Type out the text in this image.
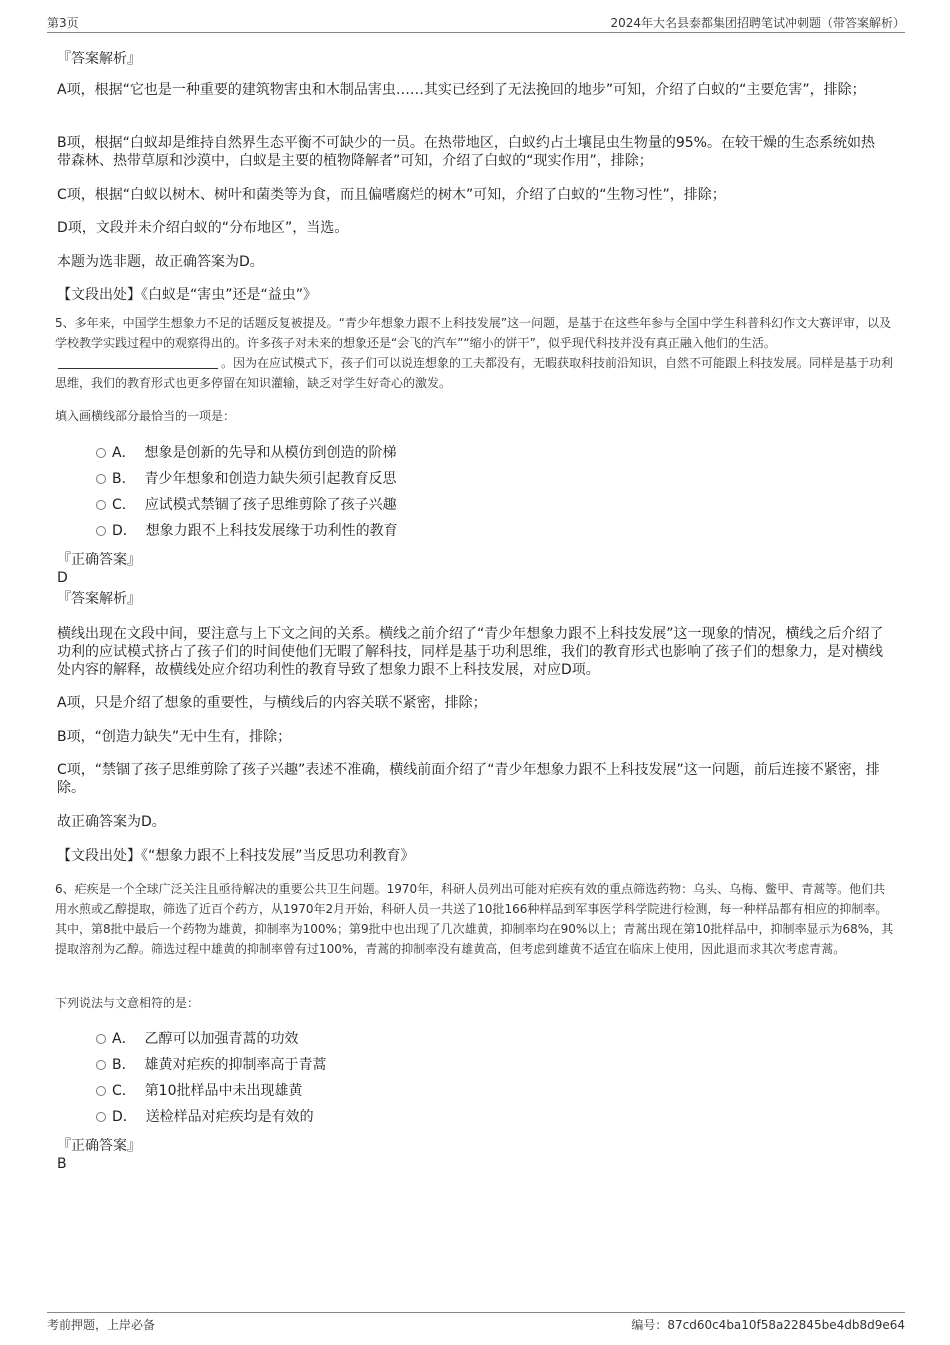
第3页	2024年大名县泰都集团招聘笔试冲刺题（带答案解析）
『答案解析』
A项，根据“它也是一种重要的建筑物害虫和木制品害虫……其实已经到了无法挽回的地步”可知，介绍了白蚁的“主要危害”，排除；
B项，根据“白蚁却是维持自然界生态平衡不可缺少的一员。在热带地区，白蚁约占土壤昆虫生物量的95%。在较干燥的生态系统如热带森林、热带草原和沙漠中，白蚁是主要的植物降解者”可知，介绍了白蚁的“现实作用”，排除；
C项，根据“白蚁以树木、树叶和菌类等为食，而且偏嗜腐烂的树木”可知，介绍了白蚁的“生物习性”，排除；
D项，文段并未介绍白蚁的“分布地区”，当选。
本题为选非题，故正确答案为D。
【文段出处】《白蚁是“害虫”还是“益虫”》
5、多年来，中国学生想象力不足的话题反复被提及。“青少年想象力跟不上科技发展”这一问题，是基于在这些年参与全国中学生科普科幻作文大赛评审，以及学校教学实践过程中的观察得出的。许多孩子对未来的想象还是“会飞的汽车”“缩小的饼干”，似乎现代科技并没有真正融入他们的生活。。因为在应试模式下，孩子们可以说连想象的工夫都没有，无暇获取科技前沿知识，自然不可能跟上科技发展。同样是基于功利思维，我们的教育形式也更多停留在知识灌输，缺乏对学生好奇心的激发。
填入画横线部分最恰当的一项是：
A． 想象是创新的先导和从模仿到创造的阶梯
B． 青少年想象和创造力缺失须引起教育反思
C． 应试模式禁锢了孩子思维剪除了孩子兴趣
D． 想象力跟不上科技发展缘于功利性的教育
『正确答案』
D
『答案解析』
横线出现在文段中间，要注意与上下文之间的关系。横线之前介绍了“青少年想象力跟不上科技发展”这一现象的情况，横线之后介绍了功利的应试模式挤占了孩子们的时间使他们无暇了解科技，同样是基于功利思维，我们的教育形式也影响了孩子们的想象力，是对横线处内容的解释，故横线处应介绍功利性的教育导致了想象力跟不上科技发展，对应D项。
A项，只是介绍了想象的重要性，与横线后的内容关联不紧密，排除；
B项，“创造力缺失”无中生有，排除；
C项，“禁锢了孩子思维剪除了孩子兴趣”表述不准确，横线前面介绍了“青少年想象力跟不上科技发展”这一问题，前后连接不紧密，排除。
故正确答案为D。
【文段出处】《“想象力跟不上科技发展”当反思功利教育》
6、疟疾是一个全球广泛关注且亟待解决的重要公共卫生问题。1970年，科研人员列出可能对疟疾有效的重点筛选药物：乌头、乌梅、鳖甲、青蒿等。他们共用水煎或乙醇提取，筛选了近百个药方，从1970年2月开始，科研人员一共送了10批166种样品到军事医学科学院进行检测，每一种样品都有相应的抑制率。其中，第8批中最后一个药物为雄黄，抑制率为100%；第9批中也出现了几次雄黄，抑制率均在90%以上；青蒿出现在第10批样品中，抑制率显示为68%，其提取溶剂为乙醇。筛选过程中雄黄的抑制率曾有过100%，青蒿的抑制率没有雄黄高，但考虑到雄黄不适宜在临床上使用，因此退而求其次考虑青蒿。
下列说法与文意相符的是：
A． 乙醇可以加强青蒿的功效
B． 雄黄对疟疾的抑制率高于青蒿
C． 第10批样品中未出现雄黄
D． 送检样品对疟疾均是有效的
『正确答案』
B
考前押题，上岸必备	编号：87cd60c4ba10f58a22845be4db8d9e64
